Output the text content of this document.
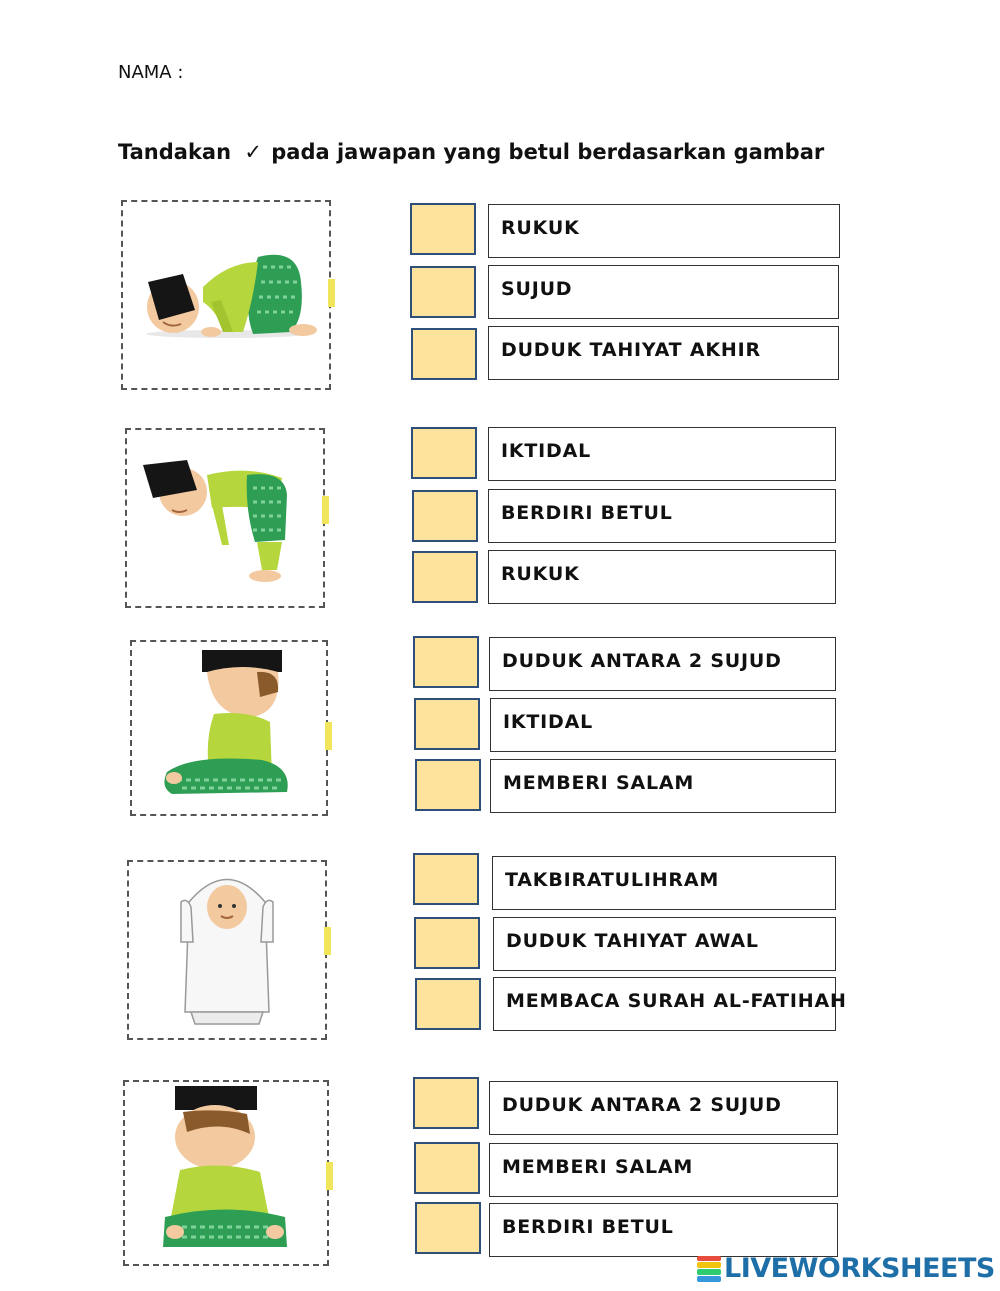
NAMA :
Tandakan ✓ pada jawapan yang betul berdasarkan gambar
RUKUK
SUJUD
DUDUK TAHIYAT AKHIR
IKTIDAL
BERDIRI BETUL
RUKUK
DUDUK ANTARA 2 SUJUD
IKTIDAL
MEMBERI SALAM
TAKBIRATULIHRAM
DUDUK TAHIYAT AWAL
MEMBACA SURAH AL-FATIHAH
DUDUK ANTARA 2 SUJUD
MEMBERI SALAM
BERDIRI BETUL
LIVEWORKSHEETS
